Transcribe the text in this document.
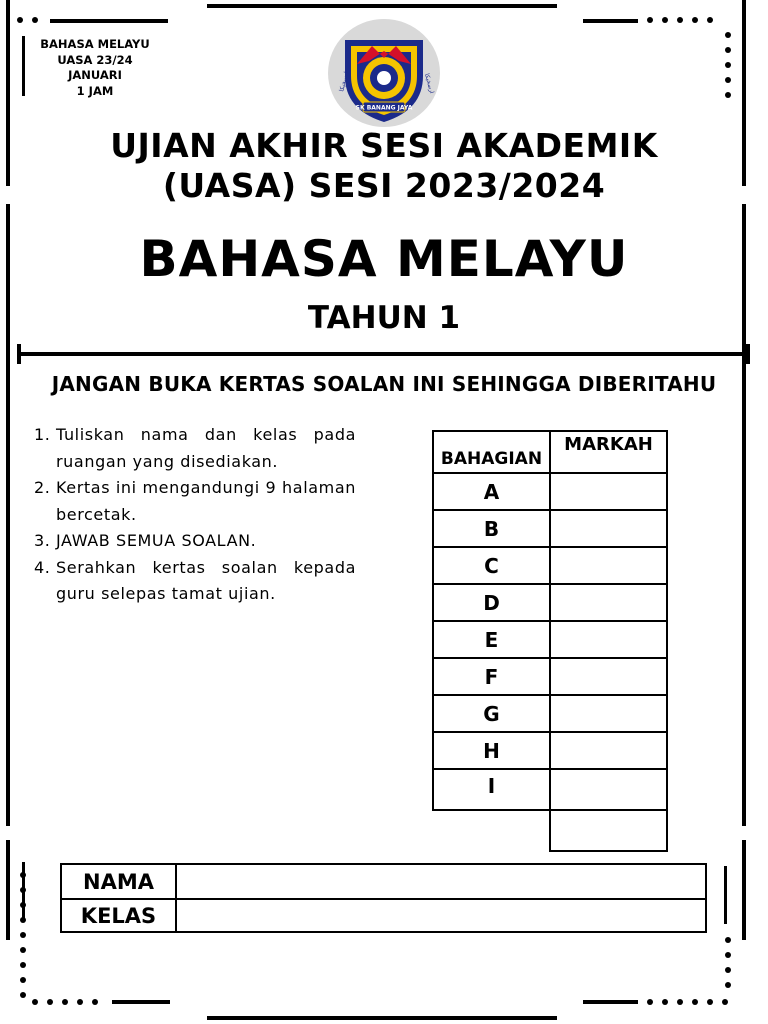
BAHASA MELAYU
UASA 23/24
JANUARI
1 JAM
SK BANANG JAYA
ارسخيكا	ارسخيكا
UJIAN AKHIR SESI AKADEMIK
(UASA) SESI 2023/2024
BAHASA MELAYU
TAHUN 1
JANGAN BUKA KERTAS SOALAN INI SEHINGGA DIBERITAHU
1. Tuliskan nama dan kelas pada ruangan yang disediakan.
2. Kertas ini mengandungi 9 halaman bercetak.
3. JAWAB SEMUA SOALAN.
4. Serahkan kertas soalan kepada guru selepas tamat ujian.
BAHAGIAN	MARKAH
A	
B	
C	
D	
E	
F	
G	
H	
I	

NAMA	
KELAS	
